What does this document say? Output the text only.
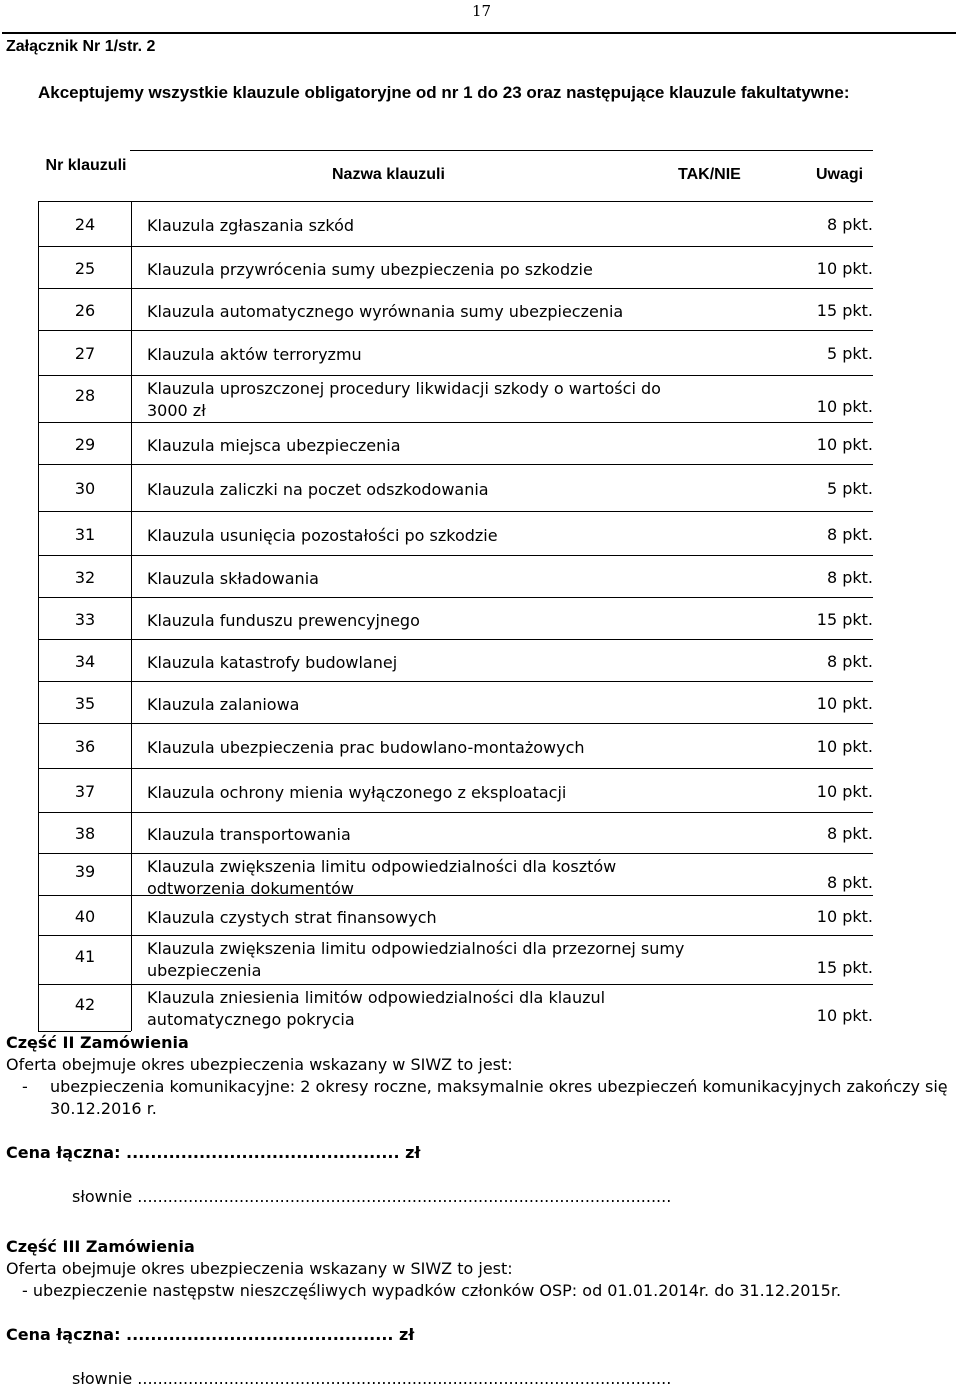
17
Załącznik Nr 1/str. 2
Akceptujemy wszystkie klauzule obligatoryjne od nr 1 do 23 oraz następujące klauzule fakultatywne:
Nr klauzuli
Nazwa klauzuli	TAK/NIE	Uwagi
24	Klauzula zgłaszania szkód	8 pkt.
25	Klauzula przywrócenia sumy ubezpieczenia po szkodzie	10 pkt.
26	Klauzula automatycznego wyrównania sumy ubezpieczenia	15 pkt.
27	Klauzula aktów terroryzmu	5 pkt.
28	Klauzula uproszczonej procedury likwidacji szkody o wartości do 3000 zł	10 pkt.
29	Klauzula miejsca ubezpieczenia	10 pkt.
30	Klauzula zaliczki na poczet odszkodowania	5 pkt.
31	Klauzula usunięcia pozostałości po szkodzie	8 pkt.
32	Klauzula składowania	8 pkt.
33	Klauzula funduszu prewencyjnego	15 pkt.
34	Klauzula katastrofy budowlanej	8 pkt.
35	Klauzula zalaniowa	10 pkt.
36	Klauzula ubezpieczenia prac budowlano-montażowych	10 pkt.
37	Klauzula ochrony mienia wyłączonego z eksploatacji	10 pkt.
38	Klauzula transportowania	8 pkt.
39	Klauzula zwiększenia limitu odpowiedzialności dla kosztów odtworzenia dokumentów	8 pkt.
40	Klauzula czystych strat finansowych	10 pkt.
41	Klauzula zwiększenia limitu odpowiedzialności dla przezornej sumy ubezpieczenia	15 pkt.
42	Klauzula zniesienia limitów odpowiedzialności dla klauzul automatycznego pokrycia	10 pkt.
Część II Zamówienia
Oferta obejmuje okres ubezpieczenia wskazany w SIWZ to jest:
- ubezpieczenia komunikacyjne: 2 okresy roczne, maksymalnie okres ubezpieczeń komunikacyjnych zakończy się 30.12.2016 r.
Cena łączna: ............................................. zł
słownie .........................................................................................................
Część III Zamówienia
Oferta obejmuje okres ubezpieczenia wskazany w SIWZ to jest:
- ubezpieczenie następstw nieszczęśliwych wypadków członków OSP: od 01.01.2014r. do 31.12.2015r.
Cena łączna: ............................................ zł
słownie .........................................................................................................
